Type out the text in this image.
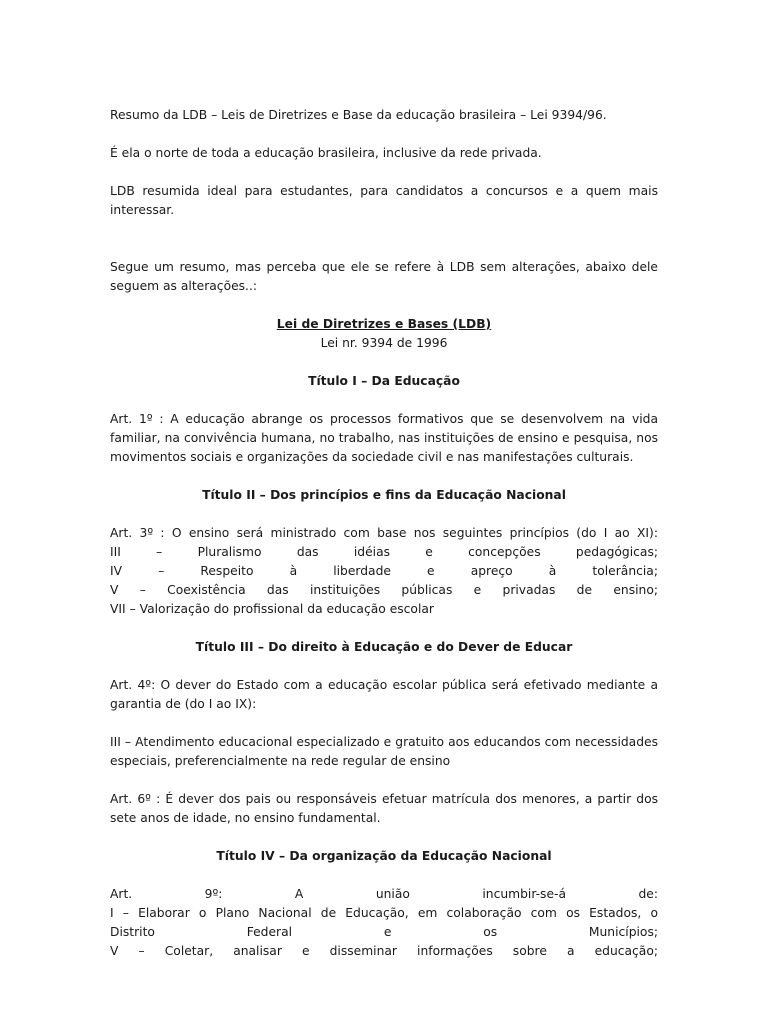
Resumo da LDB – Leis de Diretrizes e Base da educação brasileira – Lei 9394/96.

É ela o norte de toda a educação brasileira, inclusive da rede privada.

LDB resumida ideal para estudantes, para candidatos a concursos e a quem mais interessar.

Segue um resumo, mas perceba que ele se refere à LDB sem alterações, abaixo dele seguem as alterações..:

Lei de Diretrizes e Bases (LDB)

Lei nr. 9394 de 1996

Título I – Da Educação

Art. 1º : A educação abrange os processos formativos que se desenvolvem na vida familiar, na convivência humana, no trabalho, nas instituições de ensino e pesquisa, nos movimentos sociais e organizações da sociedade civil e nas manifestações culturais.

Título II – Dos princípios e fins da Educação Nacional

Art. 3º : O ensino será ministrado com base nos seguintes princípios (do I ao XI):

III – Pluralismo das idéias e concepções pedagógicas;

IV – Respeito à liberdade e apreço à tolerância;

V – Coexistência das instituições públicas e privadas de ensino;

VII – Valorização do profissional da educação escolar

Título III – Do direito à Educação e do Dever de Educar

Art. 4º: O dever do Estado com a educação escolar pública será efetivado mediante a garantia de (do I ao IX):

III – Atendimento educacional especializado e gratuito aos educandos com necessidades especiais, preferencialmente na rede regular de ensino

Art. 6º : É dever dos pais ou responsáveis efetuar matrícula dos menores, a partir dos sete anos de idade, no ensino fundamental.

Título IV – Da organização da Educação Nacional

Art. 9º: A união incumbir-se-á de:

I – Elaborar o Plano Nacional de Educação, em colaboração com os Estados, o

Distrito Federal e os Municípios;

V – Coletar, analisar e disseminar informações sobre a educação;
